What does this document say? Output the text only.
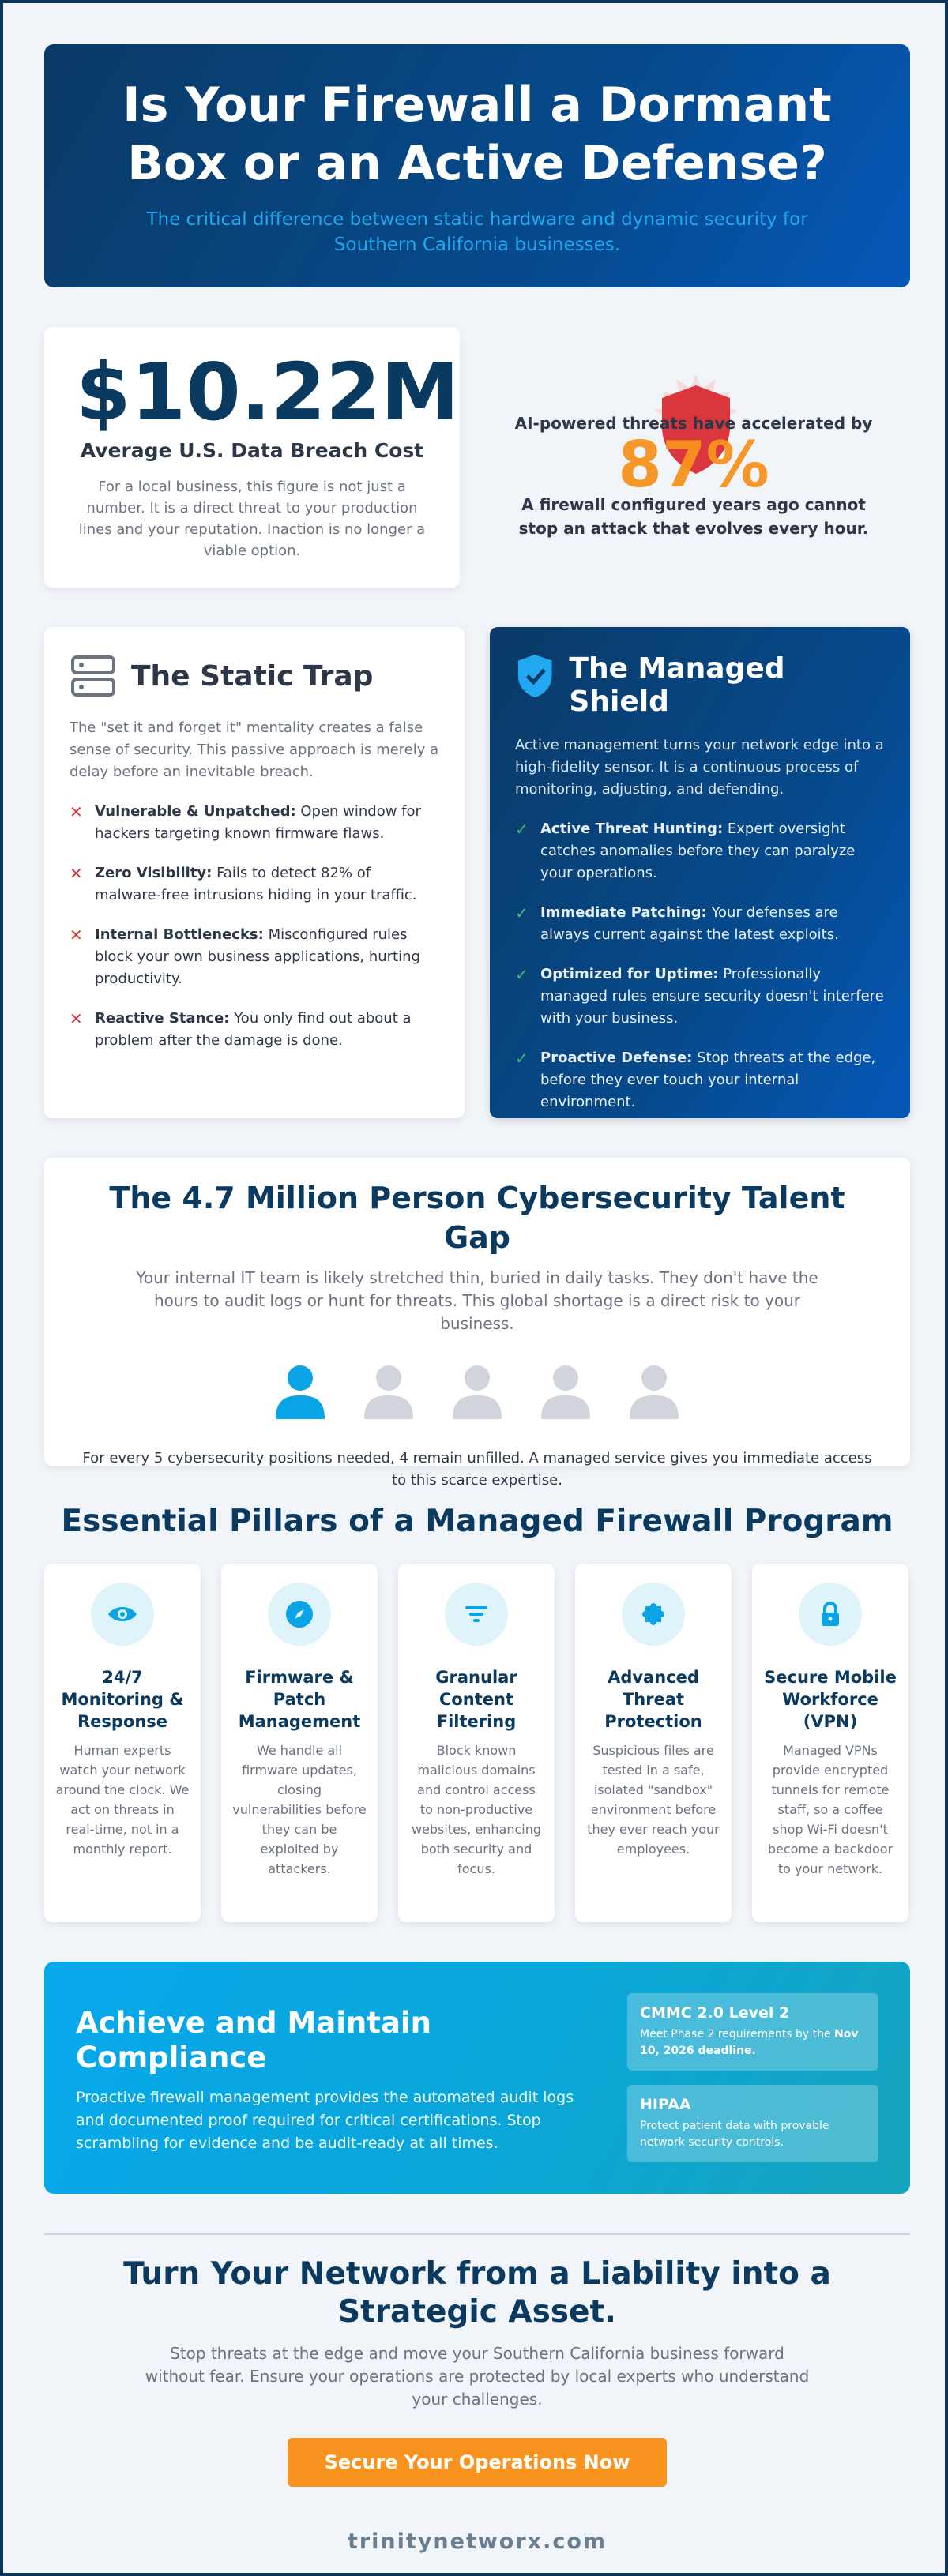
Is Your Firewall a Dormant Box or an Active Defense?

The critical difference between static hardware and dynamic security for Southern California businesses.

$10.22M
Average U.S. Data Breach Cost
For a local business, this figure is not just a number. It is a direct threat to your production lines and your reputation. Inaction is no longer a viable option.
AI-powered threats have accelerated by
87%
A firewall configured years ago cannot stop an attack that evolves every hour.
The Static Trap

The "set it and forget it" mentality creates a false sense of security. This passive approach is merely a delay before an inevitable breach.

✕ Vulnerable & Unpatched: Open window for hackers targeting known firmware flaws.
✕ Zero Visibility: Fails to detect 82% of malware-free intrusions hiding in your traffic.
✕ Internal Bottlenecks: Misconfigured rules block your own business applications, hurting productivity.
✕ Reactive Stance: You only find out about a problem after the damage is done.
The Managed Shield

Active management turns your network edge into a high-fidelity sensor. It is a continuous process of monitoring, adjusting, and defending.

✓ Active Threat Hunting: Expert oversight catches anomalies before they can paralyze your operations.
✓ Immediate Patching: Your defenses are always current against the latest exploits.
✓ Optimized for Uptime: Professionally managed rules ensure security doesn't interfere with your business.
✓ Proactive Defense: Stop threats at the edge, before they ever touch your internal environment.
The 4.7 Million Person Cybersecurity Talent Gap

Your internal IT team is likely stretched thin, buried in daily tasks. They don't have the hours to audit logs or hunt for threats. This global shortage is a direct risk to your business.

For every 5 cybersecurity positions needed, 4 remain unfilled. A managed service gives you immediate access to this scarce expertise.

Essential Pillars of a Managed Firewall Program
24/7 Monitoring & Response

Human experts watch your network around the clock. We act on threats in real-time, not in a monthly report.

Firmware & Patch Management

We handle all firmware updates, closing vulnerabilities before they can be exploited by attackers.

Granular Content Filtering

Block known malicious domains and control access to non-productive websites, enhancing both security and focus.

Advanced Threat Protection

Suspicious files are tested in a safe, isolated "sandbox" environment before they ever reach your employees.

Secure Mobile Workforce (VPN)

Managed VPNs provide encrypted tunnels for remote staff, so a coffee shop Wi-Fi doesn't become a backdoor to your network.

Achieve and Maintain Compliance

Proactive firewall management provides the automated audit logs and documented proof required for critical certifications. Stop scrambling for evidence and be audit-ready at all times.

CMMC 2.0 Level 2

Meet Phase 2 requirements by the Nov 10, 2026 deadline.

HIPAA

Protect patient data with provable network security controls.

Turn Your Network from a Liability into a Strategic Asset.

Stop threats at the edge and move your Southern California business forward without fear. Ensure your operations are protected by local experts who understand your challenges.

Secure Your Operations Now
trinitynetworx.com
